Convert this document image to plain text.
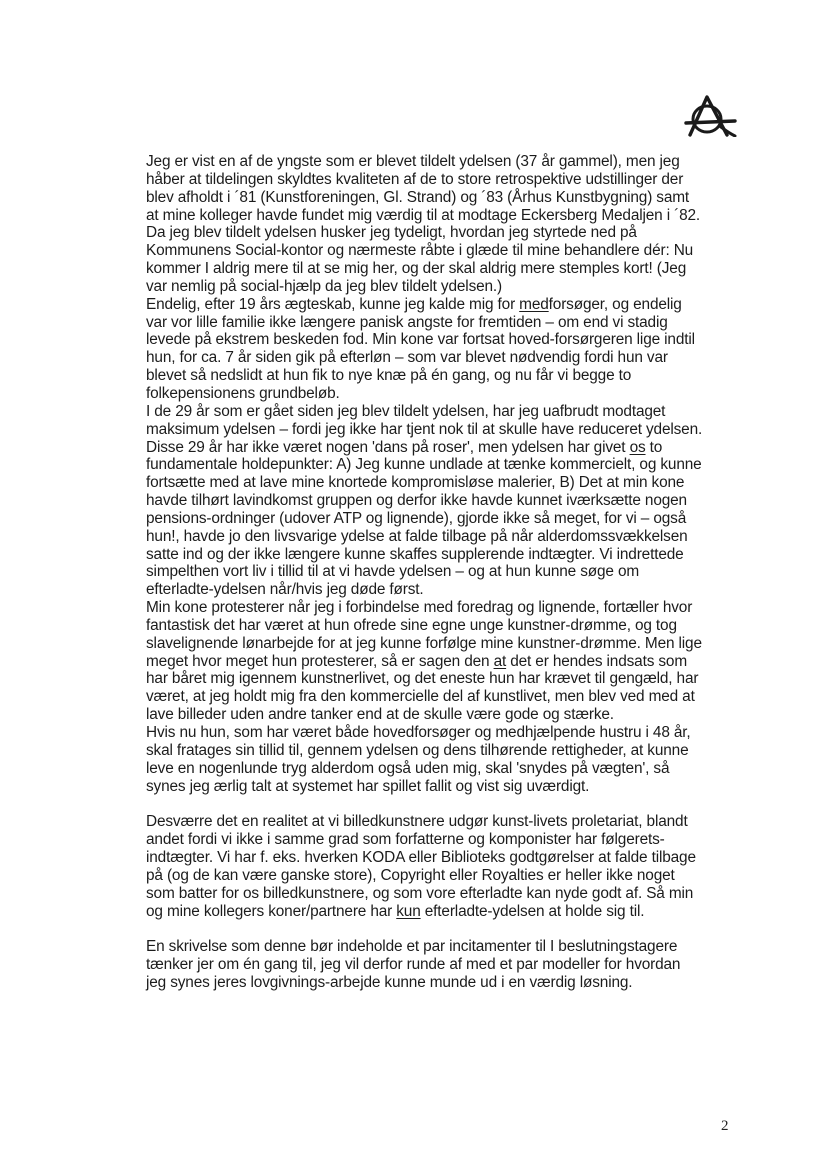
Jeg er vist en af de yngste som er blevet tildelt ydelsen (37 år gammel), men jeg
håber at tildelingen skyldtes kvaliteten af de to store retrospektive udstillinger der
blev afholdt i ´81 (Kunstforeningen, Gl. Strand) og ´83 (Århus Kunstbygning) samt
at mine kolleger havde fundet mig værdig til at modtage Eckersberg Medaljen i ´82.
Da jeg blev tildelt ydelsen husker jeg tydeligt, hvordan jeg styrtede ned på
Kommunens Social-kontor og nærmeste råbte i glæde til mine behandlere dér: Nu
kommer I aldrig mere til at se mig her, og der skal aldrig mere stemples kort! (Jeg
var nemlig på social-hjælp da jeg blev tildelt ydelsen.)
Endelig, efter 19 års ægteskab, kunne jeg kalde mig for medforsøger, og endelig
var vor lille familie ikke længere panisk angste for fremtiden – om end vi stadig
levede på ekstrem beskeden fod. Min kone var fortsat hoved-forsørgeren lige indtil
hun, for ca. 7 år siden gik på efterløn – som var blevet nødvendig fordi hun var
blevet så nedslidt at hun fik to nye knæ på én gang, og nu får vi begge to
folkepensionens grundbeløb.
I de 29 år som er gået siden jeg blev tildelt ydelsen, har jeg uafbrudt modtaget
maksimum ydelsen – fordi jeg ikke har tjent nok til at skulle have reduceret ydelsen.
Disse 29 år har ikke været nogen 'dans på roser', men ydelsen har givet os to
fundamentale holdepunkter: A) Jeg kunne undlade at tænke kommercielt, og kunne
fortsætte med at lave mine knortede kompromisløse malerier, B) Det at min kone
havde tilhørt lavindkomst gruppen og derfor ikke havde kunnet iværksætte nogen
pensions-ordninger (udover ATP og lignende), gjorde ikke så meget, for vi – også
hun!, havde jo den livsvarige ydelse at falde tilbage på når alderdomssvækkelsen
satte ind og der ikke længere kunne skaffes supplerende indtægter. Vi indrettede
simpelthen vort liv i tillid til at vi havde ydelsen – og at hun kunne søge om
efterladte-ydelsen når/hvis jeg døde først.
Min kone protesterer når jeg i forbindelse med foredrag og lignende, fortæller hvor
fantastisk det har været at hun ofrede sine egne unge kunstner-drømme, og tog
slavelignende lønarbejde for at jeg kunne forfølge mine kunstner-drømme. Men lige
meget hvor meget hun protesterer, så er sagen den at det er hendes indsats som
har båret mig igennem kunstnerlivet, og det eneste hun har krævet til gengæld, har
været, at jeg holdt mig fra den kommercielle del af kunstlivet, men blev ved med at
lave billeder uden andre tanker end at de skulle være gode og stærke.
Hvis nu hun, som har været både hovedforsøger og medhjælpende hustru i 48 år,
skal fratages sin tillid til, gennem ydelsen og dens tilhørende rettigheder, at kunne
leve en nogenlunde tryg alderdom også uden mig, skal 'snydes på vægten', så
synes jeg ærlig talt at systemet har spillet fallit og vist sig uværdigt.
Desværre det en realitet at vi billedkunstnere udgør kunst-livets proletariat, blandt
andet fordi vi ikke i samme grad som forfatterne og komponister har følgerets-
indtægter. Vi har f. eks. hverken KODA eller Biblioteks godtgørelser at falde tilbage
på (og de kan være ganske store), Copyright eller Royalties er heller ikke noget
som batter for os billedkunstnere, og som vore efterladte kan nyde godt af. Så min
og mine kollegers koner/partnere har kun efterladte-ydelsen at holde sig til.
En skrivelse som denne bør indeholde et par incitamenter til I beslutningstagere
tænker jer om én gang til, jeg vil derfor runde af med et par modeller for hvordan
jeg synes jeres lovgivnings-arbejde kunne munde ud i en værdig løsning.
2
